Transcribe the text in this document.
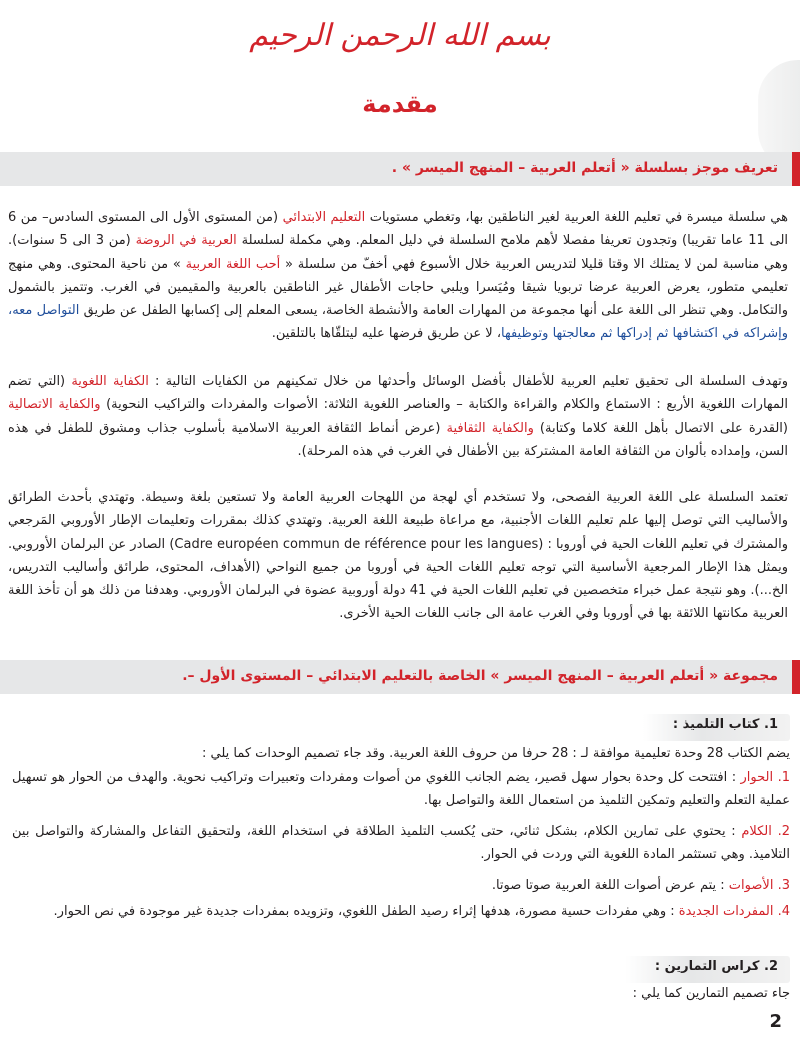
بسم الله الرحمن الرحيم
مقدمة
تعريف موجز بسلسلة « أتعلم العربية – المنهج الميسر » .
هي سلسلة ميسرة في تعليم اللغة العربية لغير الناطقين بها، وتغطي مستويات التعليم الابتدائي (من المستوى الأول الى المستوى السادس– من 6 الى 11 عاما تقريبا) وتجدون تعريفا مفصلا لأهم ملامح السلسلة في دليل المعلم. وهي مكملة لسلسلة العربية في الروضة (من 3 الى 5 سنوات). وهي مناسبة لمن لا يمتلك الا وقتا قليلا لتدريس العربية خلال الأسبوع فهي أخفّ من سلسلة « أحب اللغة العربية » من ناحية المحتوى. وهي منهج تعليمي متطور، يعرض العربية عرضا تربويا شيقا ومُيَسرا ويلبي حاجات الأطفال غير الناطقين بالعربية والمقيمين في الغرب. وتتميز بالشمول والتكامل. وهي تنظر الى اللغة على أنها مجموعة من المهارات العامة والأنشطة الخاصة، يسعى المعلم إلى إكسابها الطفل عن طريق التواصل معه، وإشراكه في اكتشافها ثم إدراكها ثم معالجتها وتوظيفها، لا عن طريق فرضها عليه ليتلقّاها بالتلقين.
وتهدف السلسلة الى تحقيق تعليم العربية للأطفال بأفضل الوسائل وأحدثها من خلال تمكينهم من الكفايات التالية : الكفاية اللغوية (التي تضم المهارات اللغوية الأربع : الاستماع والكلام والقراءة والكتابة – والعناصر اللغوية الثلاثة: الأصوات والمفردات والتراكيب النحوية) والكفاية الاتصالية (القدرة على الاتصال بأهل اللغة كلاما وكتابة) والكفاية الثقافية (عرض أنماط الثقافة العربية الاسلامية بأسلوب جذاب ومشوق للطفل في هذه السن، وإمداده بألوان من الثقافة العامة المشتركة بين الأطفال في الغرب في هذه المرحلة).
تعتمد السلسلة على اللغة العربية الفصحى، ولا تستخدم أي لهجة من اللهجات العربية العامة ولا تستعين بلغة وسيطة. وتهتدي بأحدث الطرائق والأساليب التي توصل إليها علم تعليم اللغات الأجنبية، مع مراعاة طبيعة اللغة العربية. وتهتدي كذلك بمقررات وتعليمات الإطار الأوروبي المَرجعي والمشترك في تعليم اللغات الحية في أوروبا : (Cadre européen commun de référence pour les langues) الصادر عن البرلمان الأوروبي. ويمثل هذا الإطار المرجعية الأساسية التي توجه تعليم اللغات الحية في أوروبا من جميع النواحي (الأهداف، المحتوى، طرائق وأساليب التدريس، الخ...). وهو نتيجة عمل خبراء متخصصين في تعليم اللغات الحية في 41 دولة أوروبية عضوة في البرلمان الأوروبي. وهدفنا من ذلك هو أن تأخذ اللغة العربية مكانتها اللائقة بها في أوروبا وفي الغرب عامة الى جانب اللغات الحية الأخرى.
مجموعة « أتعلم العربية – المنهج الميسر » الخاصة بالتعليم الابتدائي – المستوى الأول –.
1. كتاب التلميذ :
يضم الكتاب 28 وحدة تعليمية موافقة لـ : 28 حرفا من حروف اللغة العربية. وقد جاء تصميم الوحدات كما يلي :
1. الحوار : افتتحت كل وحدة بحوار سهل قصير، يضم الجانب اللغوي من أصوات ومفردات وتعبيرات وتراكيب نحوية. والهدف من الحوار هو تسهيل عملية التعلم والتعليم وتمكين التلميذ من استعمال اللغة والتواصل بها.
2. الكلام : يحتوي على تمارين الكلام، بشكل ثنائي، حتى يُكسب التلميذ الطلاقة في استخدام اللغة، ولتحقيق التفاعل والمشاركة والتواصل بين التلاميذ. وهي تستثمر المادة اللغوية التي وردت في الحوار.
3. الأصوات : يتم عرض أصوات اللغة العربية صوتا صوتا.
4. المفردات الجديدة : وهي مفردات حسية مصورة، هدفها إثراء رصيد الطفل اللغوي، وتزويده بمفردات جديدة غير موجودة في نص الحوار.
2. كراس التمارين :
جاء تصميم التمارين كما يلي :
2
